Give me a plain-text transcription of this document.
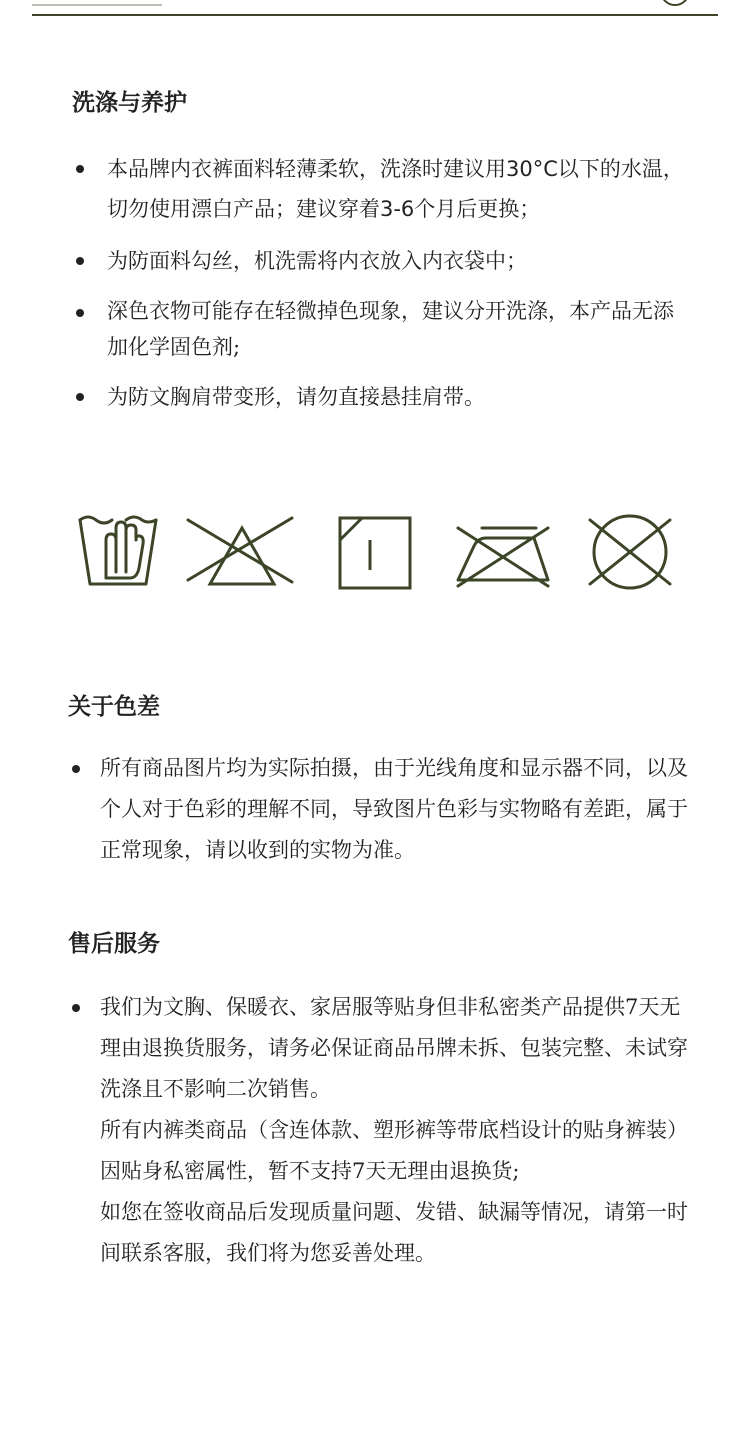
洗涤与养护
本品牌内衣裤面料轻薄柔软，洗涤时建议用30°C以下的水温，切勿使用漂白产品；建议穿着3-6个月后更换；
为防面料勾丝，机洗需将内衣放入内衣袋中；
深色衣物可能存在轻微掉色现象，建议分开洗涤，本产品无添加化学固色剂;
为防文胸肩带变形，请勿直接悬挂肩带。
关于色差
所有商品图片均为实际拍摄，由于光线角度和显示器不同，以及个人对于色彩的理解不同，导致图片色彩与实物略有差距，属于正常现象，请以收到的实物为准。
售后服务
我们为文胸、保暖衣、家居服等贴身但非私密类产品提供7天无理由退换货服务，请务必保证商品吊牌未拆、包装完整、未试穿洗涤且不影响二次销售。
所有内裤类商品（含连体款、塑形裤等带底档设计的贴身裤装）因贴身私密属性，暂不支持7天无理由退换货;
如您在签收商品后发现质量问题、发错、缺漏等情况，请第一时间联系客服，我们将为您妥善处理。
